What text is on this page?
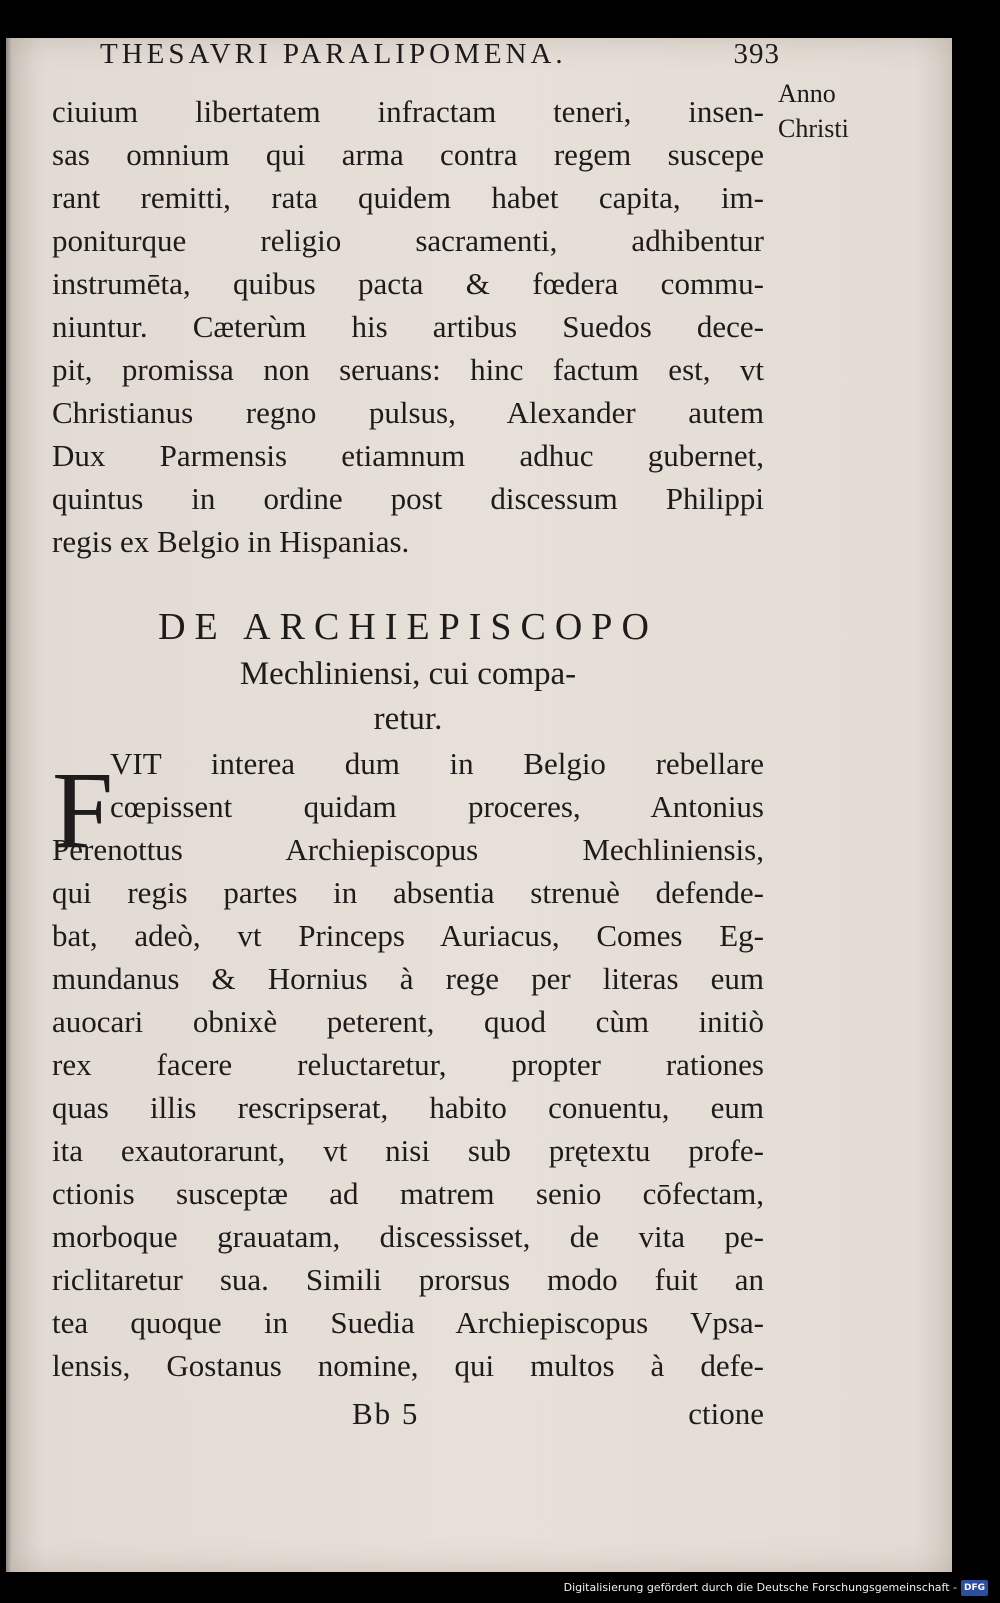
THESAVRI PARALIPOMENA.	393
Anno
Christi
ciuium libertatem infractam teneri, insen-
sas omnium qui arma contra regem suscepe
rant remitti, rata quidem habet capita, im-
poniturque religio sacramenti, adhibentur
instrumēta, quibus pacta & fœdera commu-
niuntur. Cæterùm his artibus Suedos dece-
pit, promissa non seruans: hinc factum est, vt
Christianus regno pulsus, Alexander autem
Dux Parmensis etiamnum adhuc gubernet,
quintus in ordine post discessum Philippi
regis ex Belgio in Hispanias.
DE ARCHIEPISCOPO
Mechliniensi, cui compa-
retur.
F
VIT interea dum in Belgio rebellare
cœpissent quidam proceres, Antonius
Perenottus Archiepiscopus Mechliniensis,
qui regis partes in absentia strenuè defende-
bat, adeò, vt Princeps Auriacus, Comes Eg-
mundanus & Hornius à rege per literas eum
auocari obnixè peterent, quod cùm initiò
rex facere reluctaretur, propter rationes
quas illis rescripserat, habito conuentu, eum
ita exautorarunt, vt nisi sub prętextu profe-
ctionis susceptæ ad matrem senio cōfectam,
morboque grauatam, discessisset, de vita pe-
riclitaretur sua. Simili prorsus modo fuit an
tea quoque in Suedia Archiepiscopus Vpsa-
lensis, Gostanus nomine, qui multos à defe-
Bb 5	ctione
Digitalisierung gefördert durch die Deutsche Forschungsgemeinschaft - DFG
